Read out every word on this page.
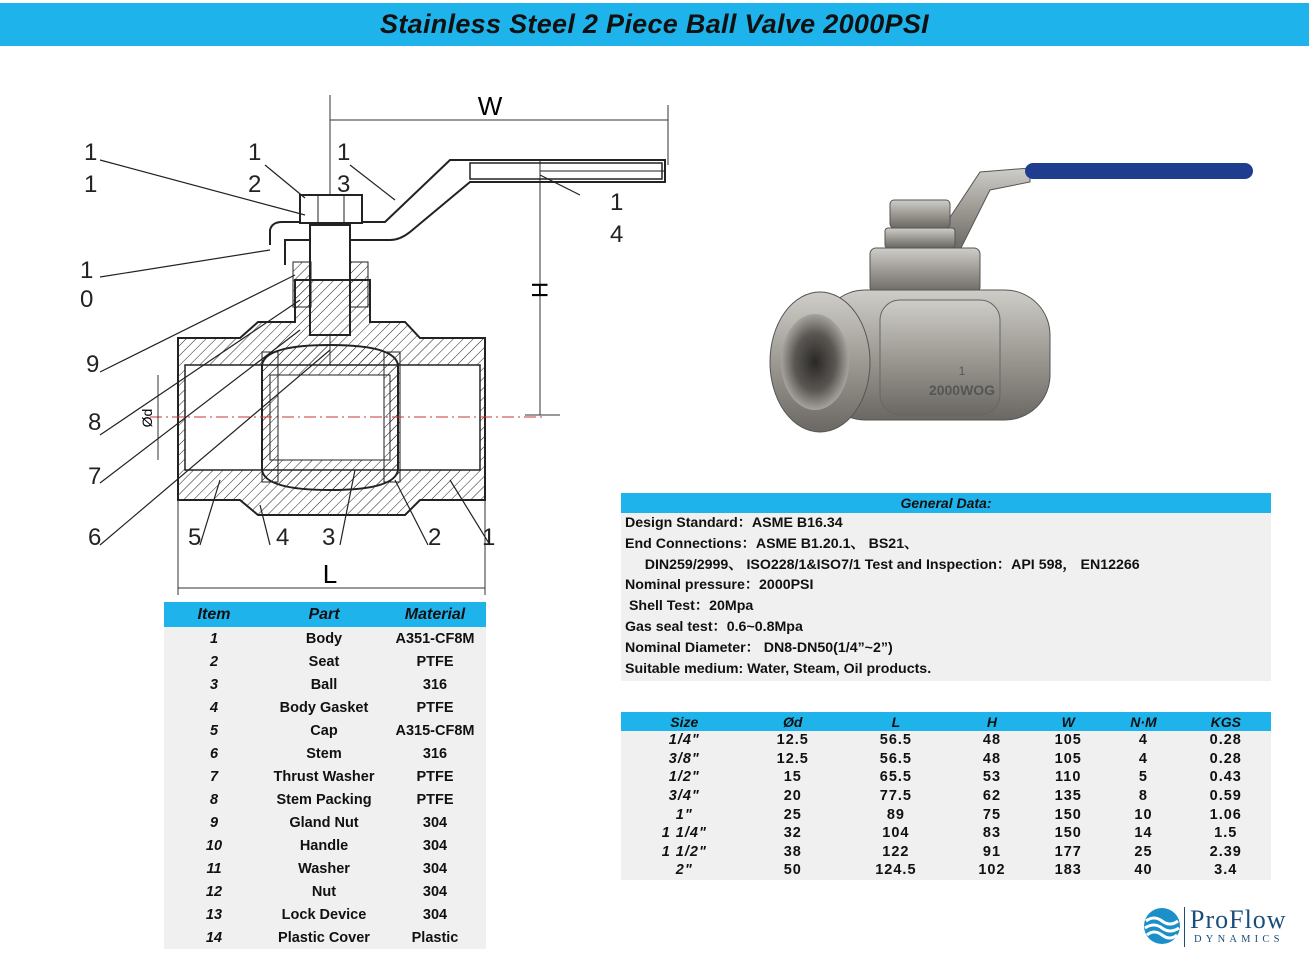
Stainless Steel 2 Piece Ball Valve 2000PSI
W
H
Ød
L
1
1
1
2
1
3
1
4
1
0
9
8
7
6	5	4 3	2 1
1
2000WOG
Item	Part	Material
1	Body	A351-CF8M
2	Seat	PTFE
3	Ball	316
4	Body Gasket	PTFE
5	Cap	A315-CF8M
6	Stem	316
7	Thrust Washer	PTFE
8	Stem Packing	PTFE
9	Gland Nut	304
10	Handle	304
11	Washer	304
12	Nut	304
13	Lock Device	304
14	Plastic Cover	Plastic
General Data:
Design Standard：ASME B16.34
End Connections：ASME B1.20.1、 BS21、
DIN259/2999、 ISO228/1&ISO7/1 Test and Inspection：API 598， EN12266
Nominal pressure：2000PSI
Shell Test：20Mpa
Gas seal test：0.6~0.8Mpa
Nominal Diameter： DN8-DN50(1/4”~2”)
Suitable medium: Water, Steam, Oil products.
Size	Ød	L	H	W	N·M	KGS
1/4"	12.5	56.5	48	105	4	0.28
3/8"	12.5	56.5	48	105	4	0.28
1/2"	15	65.5	53	110	5	0.43
3/4"	20	77.5	62	135	8	0.59
1"	25	89	75	150	10	1.06
1 1/4"	32	104	83	150	14	1.5
1 1/2"	38	122	91	177	25	2.39
2"	50	124.5	102	183	40	3.4
ProFlow
DYNAMICS
